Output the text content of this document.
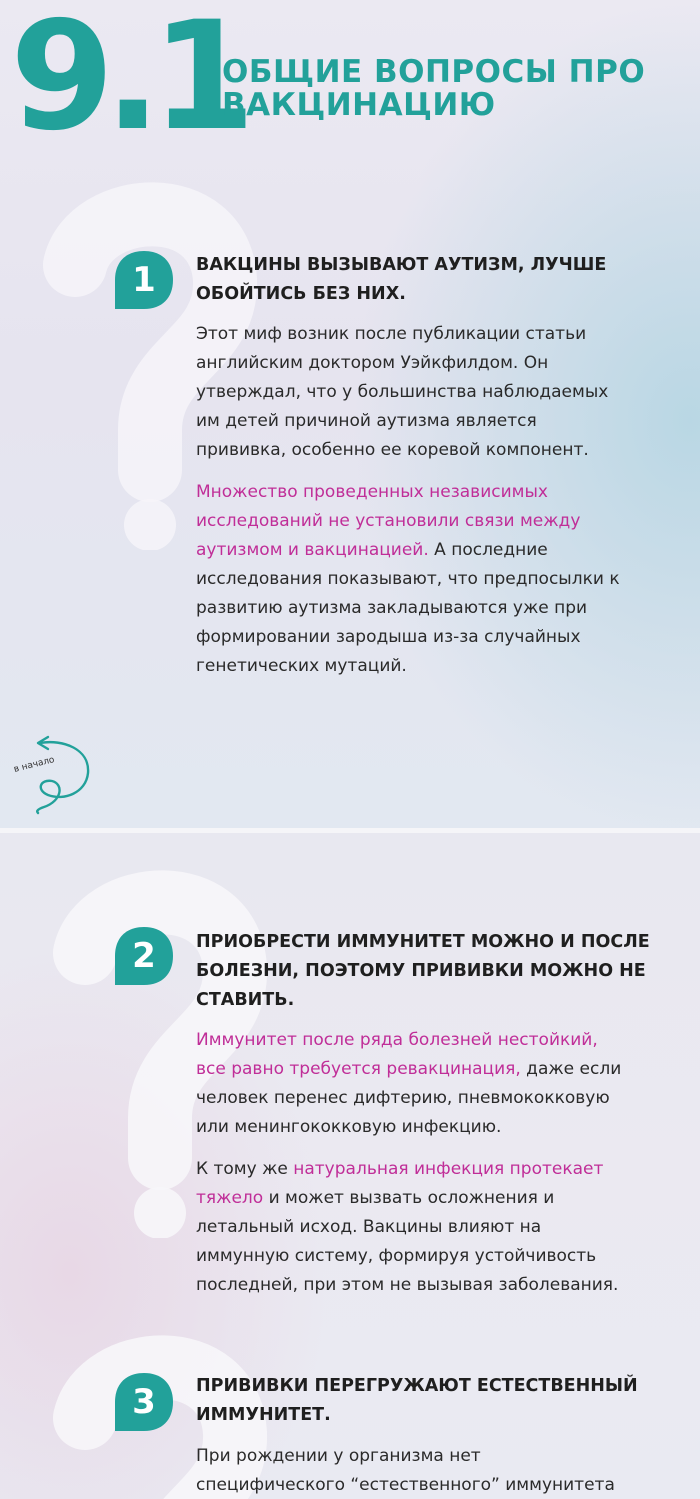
9.1
ОБЩИЕ ВОПРОСЫ ПРО
ВАКЦИНАЦИЮ
1	ВАКЦИНЫ ВЫЗЫВАЮТ АУТИЗМ, ЛУЧШЕ
ОБОЙТИСЬ БЕЗ НИХ.
Этот миф возник после публикации статьи
английским доктором Уэйкфилдом. Он
утверждал, что у большинства наблюдаемых
им детей причиной аутизма является
прививка, особенно ее коревой компонент.
Множество проведенных независимых
исследований не установили связи между
аутизмом и вакцинацией. А последние
исследования показывают, что предпосылки к
развитию аутизма закладываются уже при
формировании зародыша из-за случайных
генетических мутаций.
в начало
2	ПРИОБРЕСТИ ИММУНИТЕТ МОЖНО И ПОСЛЕ
БОЛЕЗНИ, ПОЭТОМУ ПРИВИВКИ МОЖНО НЕ
СТАВИТЬ.
Иммунитет после ряда болезней нестойкий,
все равно требуется ревакцинация, даже если
человек перенес дифтерию, пневмококковую
или менингококковую инфекцию.
К тому же натуральная инфекция протекает
тяжело и может вызвать осложнения и
летальный исход. Вакцины влияют на
иммунную систему, формируя устойчивость
последней, при этом не вызывая заболевания.
3	ПРИВИВКИ ПЕРЕГРУЖАЮТ ЕСТЕСТВЕННЫЙ
ИММУНИТЕТ.
При рождении у организма нет
специфического “естественного” иммунитета
